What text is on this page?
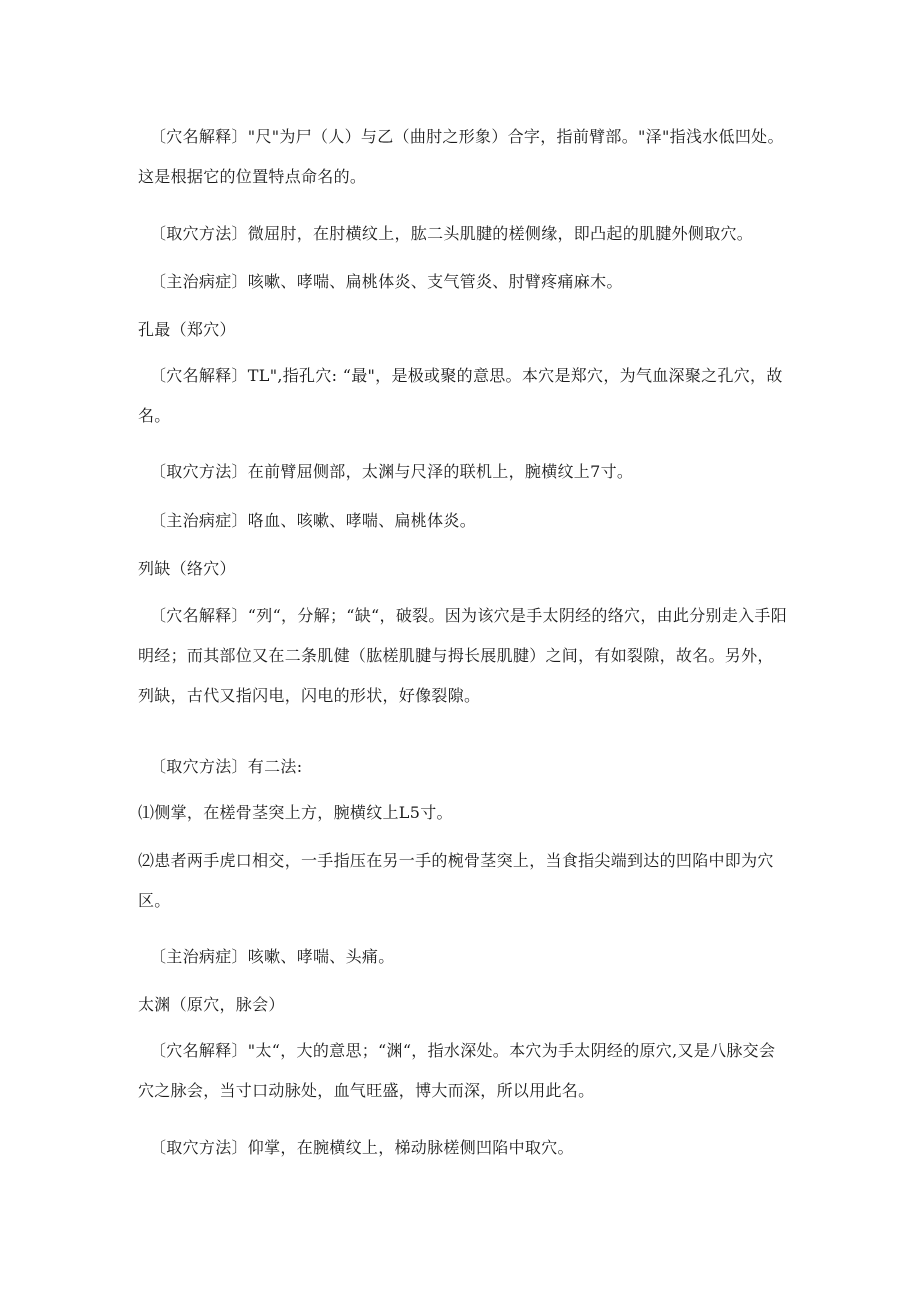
〔穴名解释〕"尺"为尸（人）与乙（曲肘之形象）合字，指前臂部。"泽"指浅水低凹处。这是根据它的位置特点命名的。
〔取穴方法〕微屈肘，在肘横纹上，肱二头肌腱的槎侧缘，即凸起的肌腱外侧取穴。
〔主治病症〕咳嗽、哮喘、扁桃体炎、支气管炎、肘臂疼痛麻木。
孔最（郑穴）
〔穴名解释〕TL",指孔穴: “最"，是极或聚的意思。本穴是郑穴，为气血深聚之孔穴，故名。
〔取穴方法〕在前臂屈侧部，太渊与尺泽的联机上，腕横纹上7寸。
〔主治病症〕咯血、咳嗽、哮喘、扁桃体炎。
列缺（络穴）
〔穴名解释〕“列“，分解；“缺“，破裂。因为该穴是手太阴经的络穴，由此分别走入手阳明经；而其部位又在二条肌健（肱槎肌腱与拇长展肌腱）之间，有如裂隙，故名。另外，列缺，古代又指闪电，闪电的形状，好像裂隙。
〔取穴方法〕有二法:
⑴侧掌，在槎骨茎突上方，腕横纹上L5寸。
⑵患者两手虎口相交，一手指压在另一手的椀骨茎突上，当食指尖端到达的凹陷中即为穴区。
〔主治病症〕咳嗽、哮喘、头痛。
太渊（原穴，脉会）
〔穴名解释〕"太“，大的意思；“渊“，指水深处。本穴为手太阴经的原穴,又是八脉交会穴之脉会，当寸口动脉处，血气旺盛，博大而深，所以用此名。
〔取穴方法〕仰掌，在腕横纹上，梯动脉槎侧凹陷中取穴。
